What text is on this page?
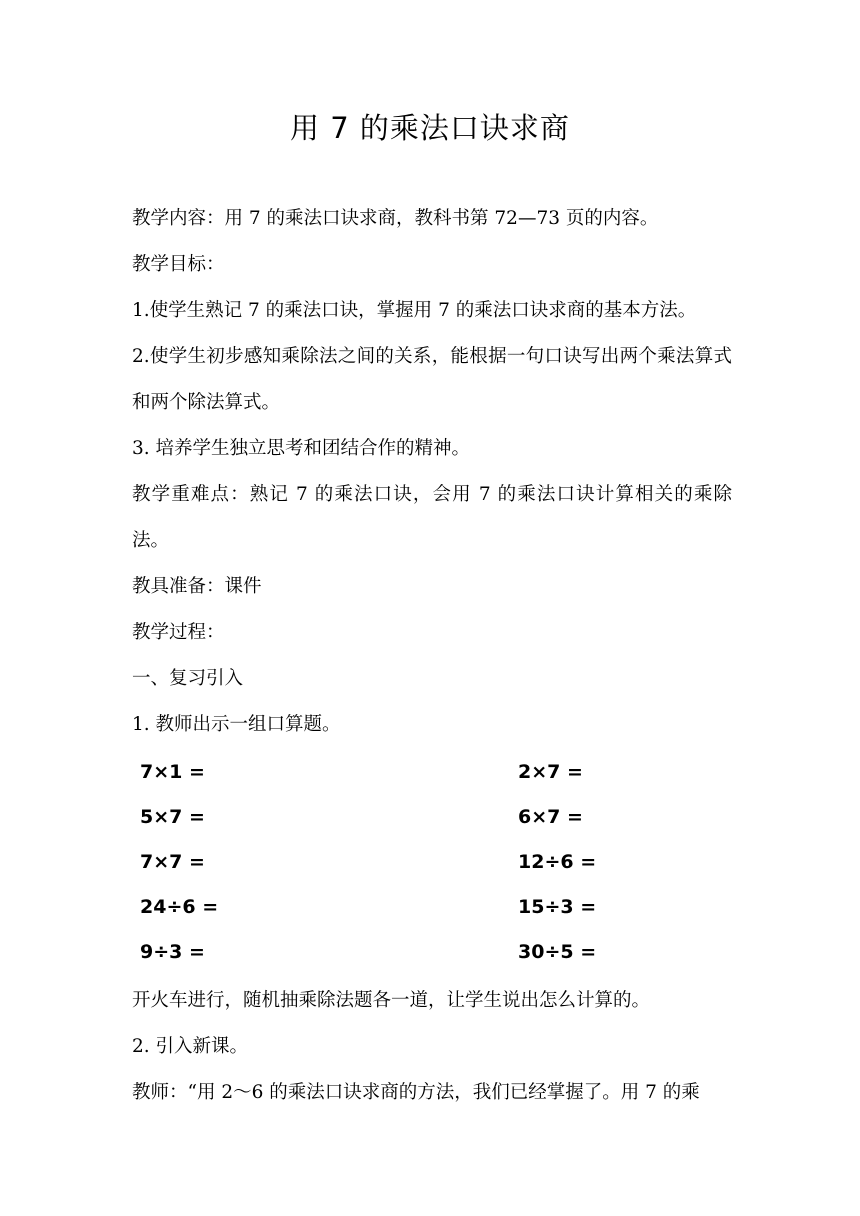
用 7 的乘法口诀求商

教学内容：用 7 的乘法口诀求商，教科书第 72—73 页的内容。

教学目标：

1.使学生熟记 7 的乘法口诀，掌握用 7 的乘法口诀求商的基本方法。

2.使学生初步感知乘除法之间的关系，能根据一句口诀写出两个乘法算式和两个除法算式。

3. 培养学生独立思考和团结合作的精神。

教学重难点：熟记 7 的乘法口诀，会用 7 的乘法口诀计算相关的乘除法。

教具准备：课件

教学过程：

一、复习引入

1. 教师出示一组口算题。

7×1 =	2×7 =
5×7 =	6×7 =
7×7 =	12÷6 =
24÷6 =	15÷3 =
9÷3 =	30÷5 =

开火车进行，随机抽乘除法题各一道，让学生说出怎么计算的。

2. 引入新课。

教师：“用 2～6 的乘法口诀求商的方法，我们已经掌握了。用 7 的乘
